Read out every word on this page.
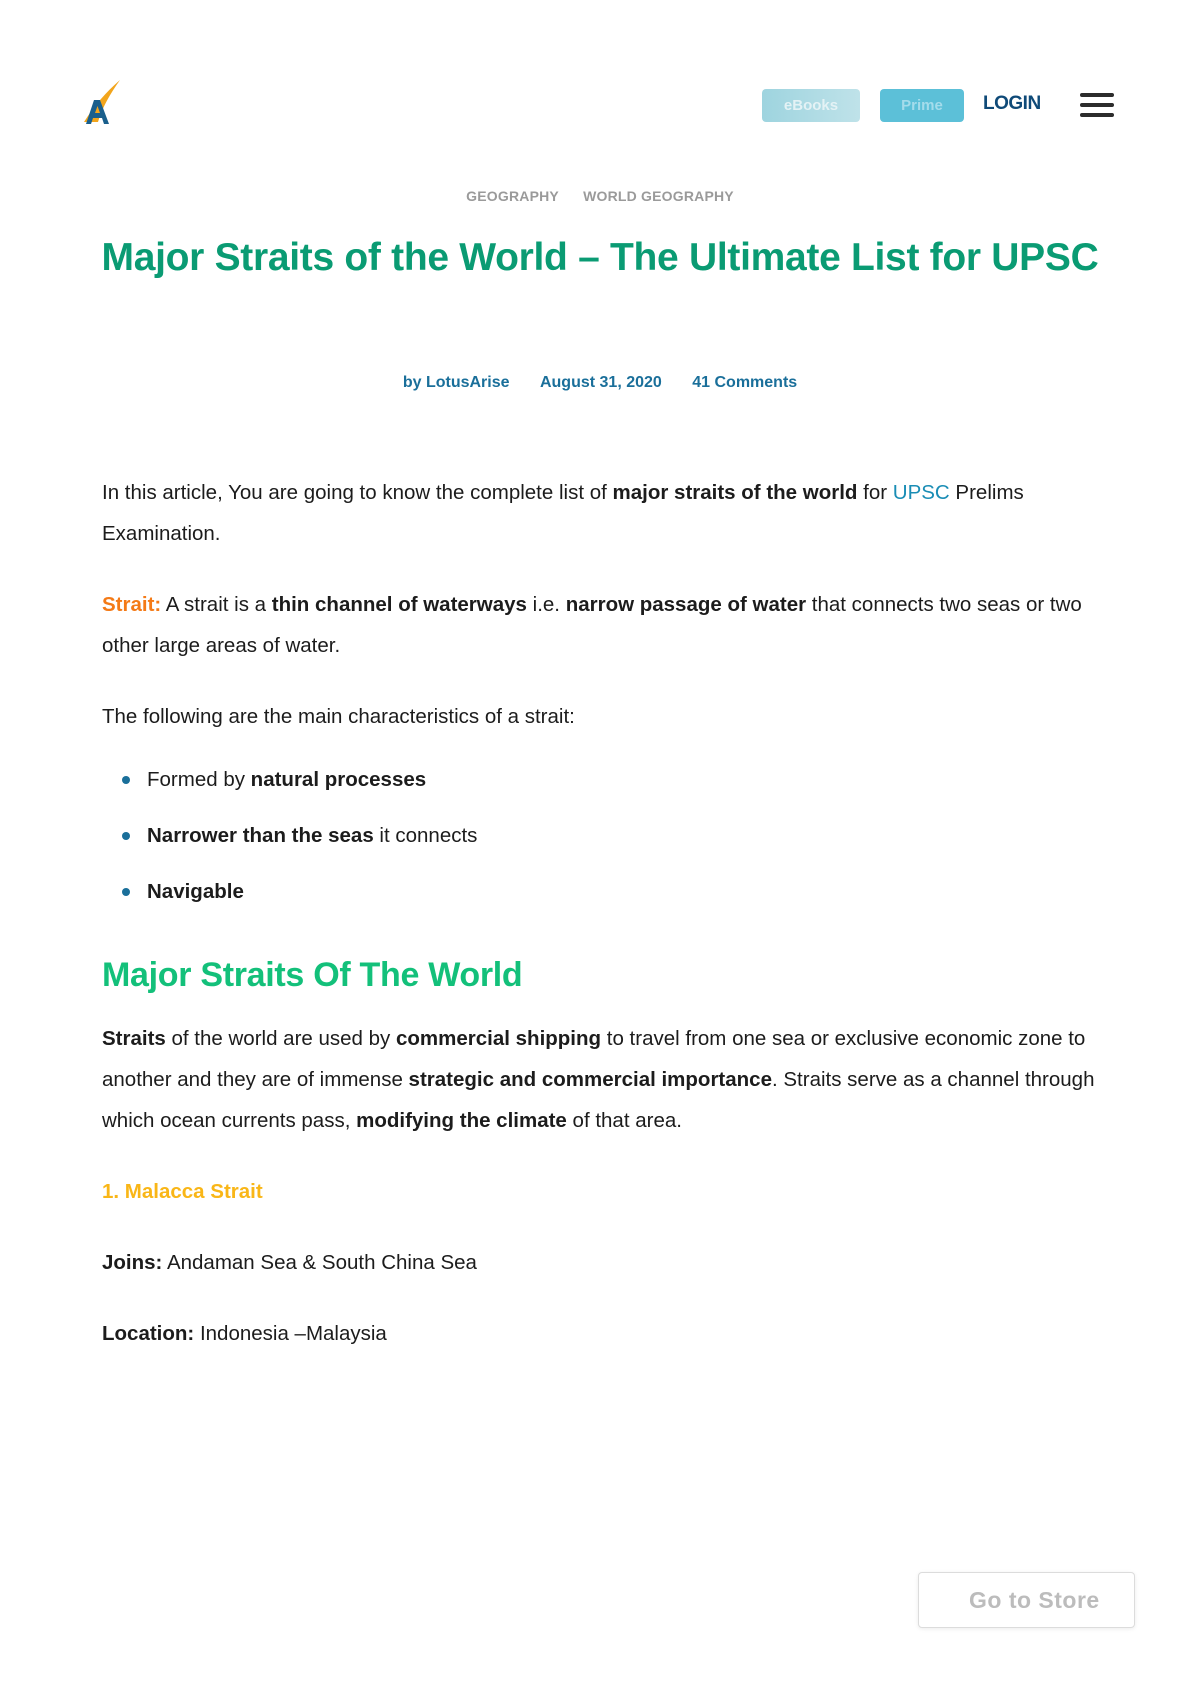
eBooks	Prime	LOGIN
GEOGRAPHY WORLD GEOGRAPHY
Major Straits of the World – The Ultimate List for UPSC
by LotusArise August 31, 2020 41 Comments

In this article, You are going to know the complete list of major straits of the world for UPSC Prelims Examination.

Strait: A strait is a thin channel of waterways i.e. narrow passage of water that connects two seas or two other large areas of water.

The following are the main characteristics of a strait:

Formed by natural processes
Narrower than the seas it connects
Navigable
Major Straits Of The World

Straits of the world are used by commercial shipping to travel from one sea or exclusive economic zone to another and they are of immense strategic and commercial importance. Straits serve as a channel through which ocean currents pass, modifying the climate of that area.

1. Malacca Strait

Joins: Andaman Sea & South China Sea

Location: Indonesia –Malaysia

Go to Store
